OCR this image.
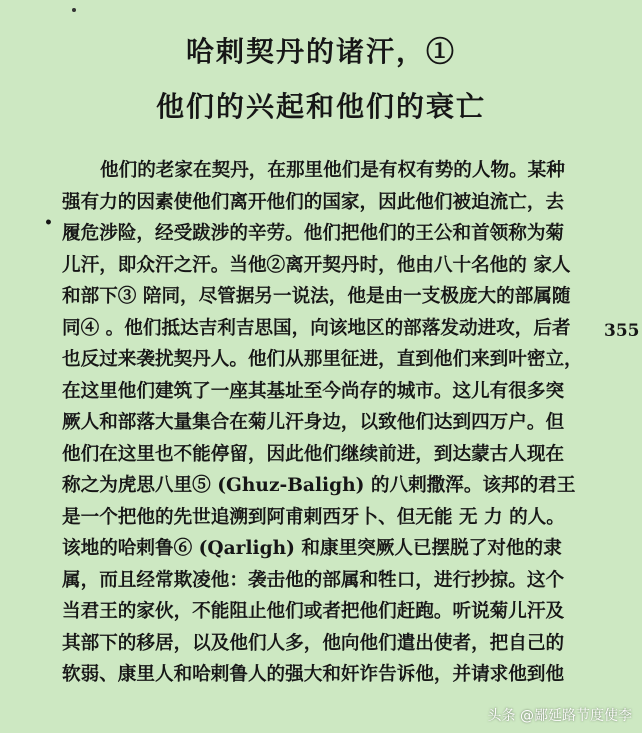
哈剌契丹的诸汗，①
他们的兴起和他们的衰亡
•
355
他们的老家在契丹，在那里他们是有权有势的人物。某种
强有力的因素使他们离开他们的国家，因此他们被迫流亡，去
履危涉险，经受跋涉的辛劳。他们把他们的王公和首领称为菊
儿汗，即众汗之汗。当他②离开契丹时，他由八十名他的 家人
和部下③ 陪同，尽管据另一说法，他是由一支极庞大的部属随
同④ 。他们抵达吉利吉思国，向该地区的部落发动进攻，后者
也反过来袭扰契丹人。他们从那里征进，直到他们来到叶密立，
在这里他们建筑了一座其基址至今尚存的城市。这儿有很多突
厥人和部落大量集合在菊儿汗身边，以致他们达到四万户。但
他们在这里也不能停留，因此他们继续前进，到达蒙古人现在
称之为虎思八里⑤ (Ghuz-Baligh) 的八剌撒浑。该邦的君王
是一个把他的先世追溯到阿甫剌西牙卜、但无能 无 力 的人。
该地的哈剌鲁⑥ (Qarligh) 和康里突厥人已摆脱了对他的隶
属，而且经常欺凌他：袭击他的部属和牲口，进行抄掠。这个
当君王的家伙，不能阻止他们或者把他们赶跑。听说菊儿汗及
其部下的移居，以及他们人多，他向他们遣出使者，把自己的
软弱、康里人和哈剌鲁人的强大和奸诈告诉他，并请求他到他
头条 @鄙延路节度使李
